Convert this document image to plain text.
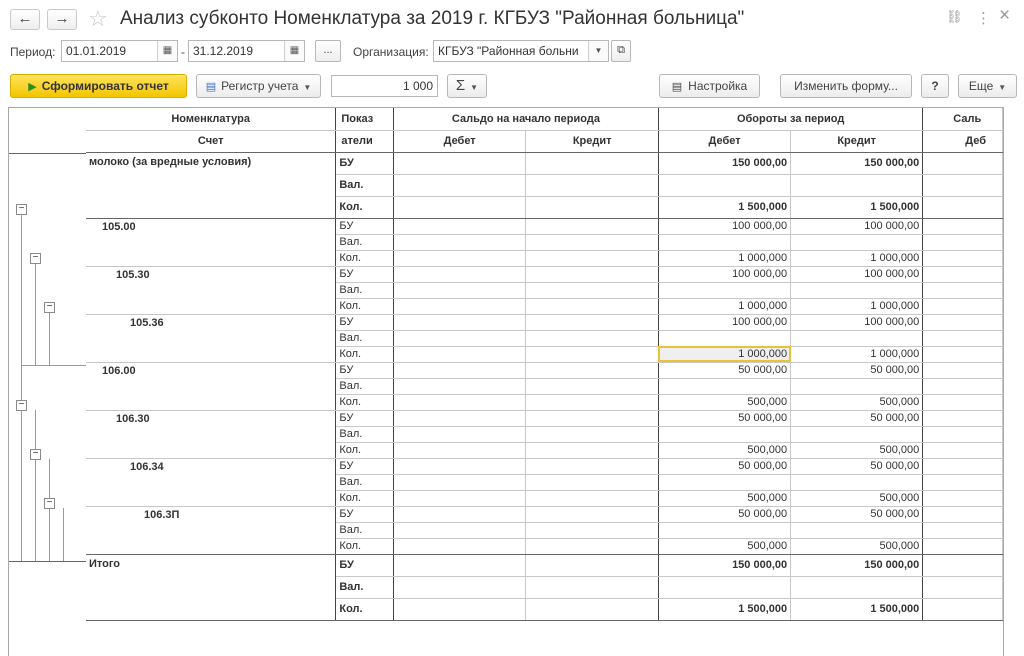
←	→ ☆ Анализ субконто Номенклатура за 2019 г. КГБУЗ "Районная больница"	⛓ ⋮ ×
Период: 01.01.2019	▦ - 31.12.2019	▦	...	Организация: КГБУЗ "Районная больни	▼	⧉
▶ Сформировать отчет	▤ Регистр учета ▼	1 000	Σ ▼	▤ Настройка	Изменить форму...	?	Еще ▼
−
−
−
−
−
−
Номенклатура	Показ	Сальдо на начало периода		Обороты за период		Саль
Счет	атели	Дебет	Кредит	Дебет	Кредит	Деб
молоко (за вредные условия)	БУ			150 000,00	150 000,00	
	Вал.					
	Кол.			1 500,000	1 500,000	
105.00	БУ			100 000,00	100 000,00	
	Вал.					
	Кол.			1 000,000	1 000,000	
105.30	БУ			100 000,00	100 000,00	
	Вал.					
	Кол.			1 000,000	1 000,000	
105.36	БУ			100 000,00	100 000,00	
	Вал.					
	Кол.			1 000,000	1 000,000	
106.00	БУ			50 000,00	50 000,00	
	Вал.					
	Кол.			500,000	500,000	
106.30	БУ			50 000,00	50 000,00	
	Вал.					
	Кол.			500,000	500,000	
106.34	БУ			50 000,00	50 000,00	
	Вал.					
	Кол.			500,000	500,000	
106.3П	БУ			50 000,00	50 000,00	
	Вал.					
	Кол.			500,000	500,000	
Итого	БУ			150 000,00	150 000,00	
	Вал.					
	Кол.			1 500,000	1 500,000	
